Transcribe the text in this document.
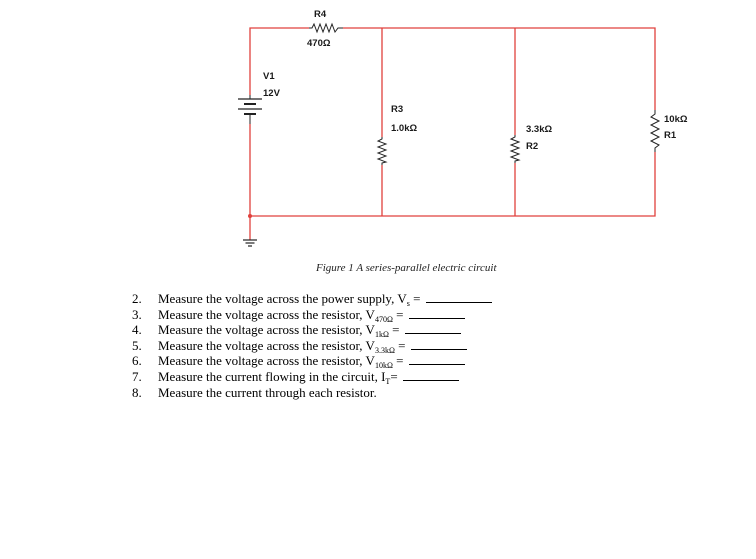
R4
470Ω
V1
12V
R3
1.0kΩ	3.3kΩ
R2
10kΩ
R1
Figure 1 A series-parallel electric circuit
2. Measure the voltage across the power supply, $V_s$ =
3. Measure the voltage across the resistor, $V_{470\Omega}$ =
4. Measure the voltage across the resistor, $V_{1k\Omega}$ =
5. Measure the voltage across the resistor, $V_{3.3k\Omega}$ =
6. Measure the voltage across the resistor, $V_{10k\Omega}$ =
7. Measure the current flowing in the circuit, $I_T=$
8. Measure the current through each resistor.
